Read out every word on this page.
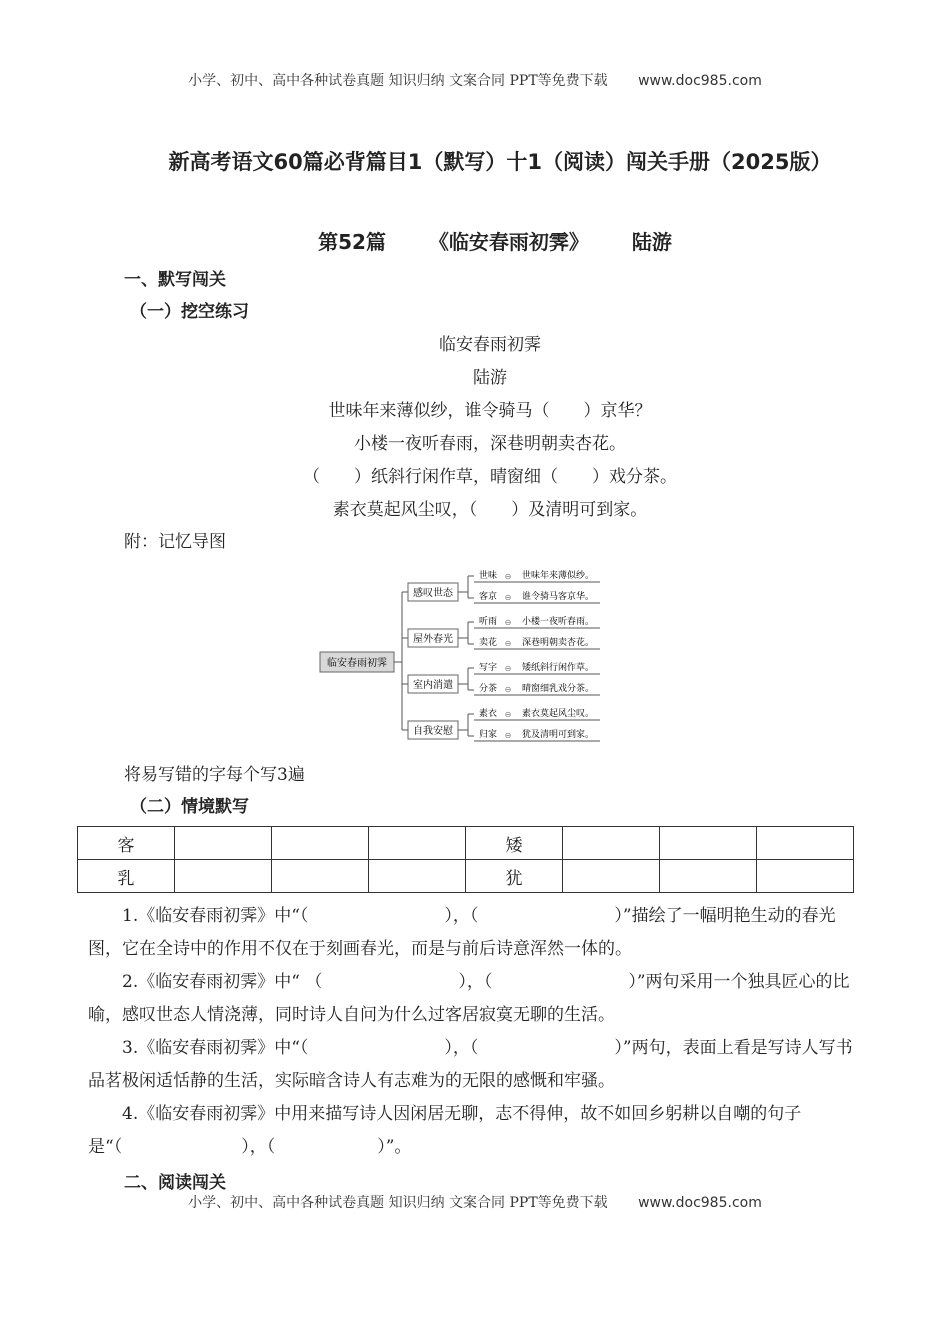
小学、初中、高中各种试卷真题 知识归纳 文案合同 PPT等免费下载 www.doc985.com
新高考语文60篇必背篇目1（默写）十1（阅读）闯关手册（2025版）
第52篇 《临安春雨初霁》 陆游
一、默写闯关
（一）挖空练习
临安春雨初霁
陆游
世味年来薄似纱，谁令骑马（　　）京华？
小楼一夜听春雨，深巷明朝卖杏花。
（　　）纸斜行闲作草，晴窗细（　　）戏分茶。
素衣莫起风尘叹，（　　）及清明可到家。
附：记忆导图
临安春雨初霁
感叹世态
世味 ⊖ 世味年来薄似纱。
客京 ⊖ 谁令骑马客京华。
屋外春光
听雨 ⊖ 小楼一夜听春雨。
卖花 ⊖ 深巷明朝卖杏花。
室内消遣
写字 ⊖ 矮纸斜行闲作草。
分茶 ⊖ 晴窗细乳戏分茶。
自我安慰
素衣 ⊖ 素衣莫起风尘叹。
归家 ⊖ 犹及清明可到家。
将易写错的字每个写3遍
（二）情境默写
客				矮			
乳				犹			

1.《临安春雨初霁》中“（　　　　　　　　），（　　　　　　　　）”描绘了一幅明艳生动的春光图，它在全诗中的作用不仅在于刻画春光，而是与前后诗意浑然一体的。

2.《临安春雨初霁》中“ （　　　　　　　　），（　　　　　　　　）”两句采用一个独具匠心的比喻，感叹世态人情浇薄，同时诗人自问为什么过客居寂寞无聊的生活。

3.《临安春雨初霁》中“（　　　　　　　　），（　　　　　　　　）”两句，表面上看是写诗人写书品茗极闲适恬静的生活，实际暗含诗人有志难为的无限的感慨和牢骚。

4.《临安春雨初霁》中用来描写诗人因闲居无聊，志不得伸，故不如回乡躬耕以自嘲的句子是“（　　　　　　　），（　　　　　　）”。

二、阅读闯关
小学、初中、高中各种试卷真题 知识归纳 文案合同 PPT等免费下载 www.doc985.com
